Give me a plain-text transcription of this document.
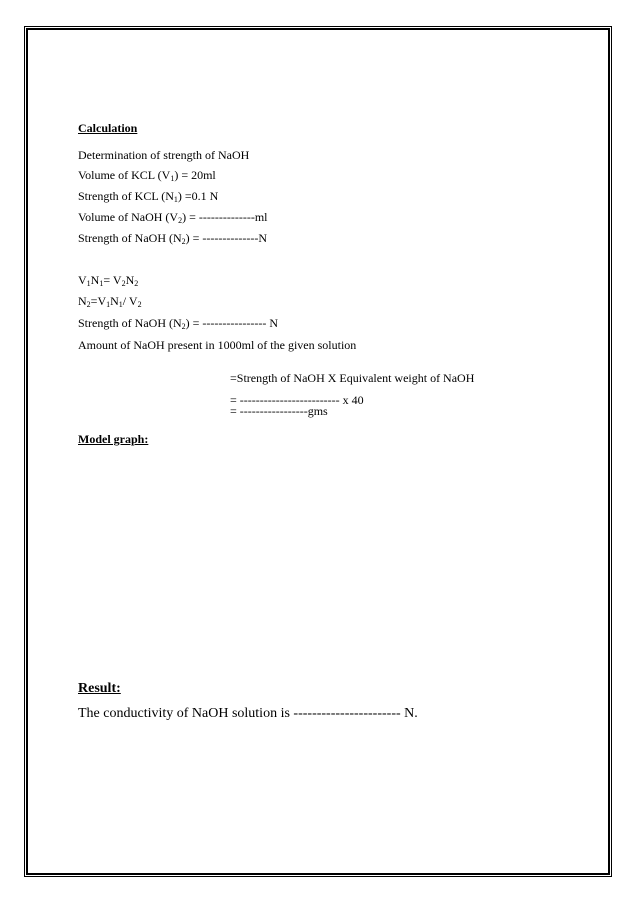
Calculation
Determination of strength of NaOH
Volume of KCL $(V_1) = 20ml$
Strength of KCL $(N_1) =0.1$ N
Volume of NaOH $(V_2) = --------------ml$
Strength of NaOH $(N_2) = --------------N$
$V_1N_1= V_2N_2$
$N_2=V_1N_1/$ $V_2$
Strength of NaOH $(N_2)$ = ---------------- N
Amount of NaOH present in 1000ml of the given solution
=Strength of NaOH X Equivalent weight of NaOH
= ------------------------- x 40
= -----------------gms
Model graph:
Result:
The conductivity of NaOH solution is ----------------------- N.
